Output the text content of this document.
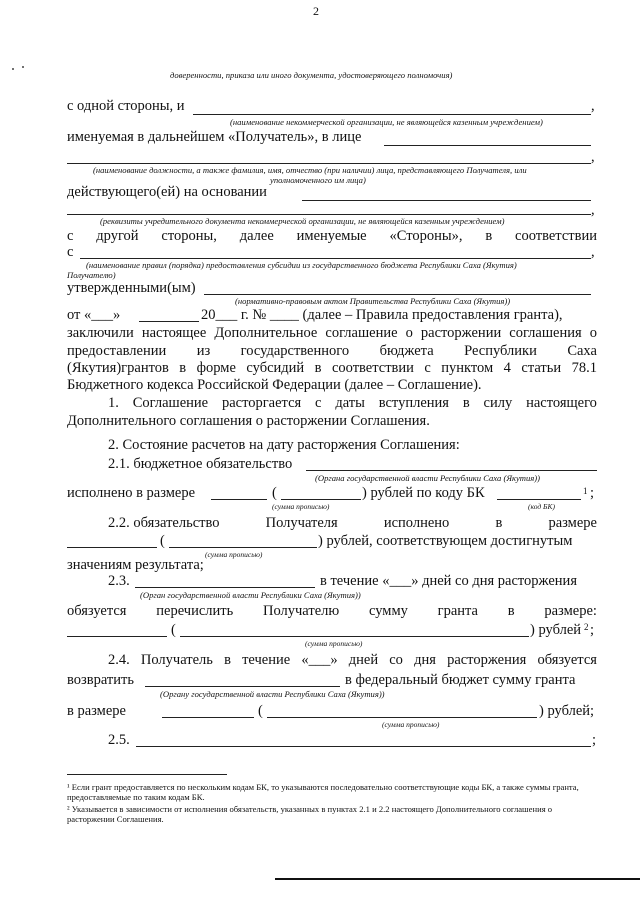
2
доверенности, приказа или иного документа, удостоверяющего полномочия)
с одной стороны, и	,
(наименование некоммерческой организации, не являющейся казенным учреждением)
именуемая в дальнейшем «Получатель», в лице
,
(наименование должности, а также фамилия, имя, отчество (при наличии) лица, представляющего Получателя, или
уполномоченного им лица)
действующего(ей) на основании
,
(реквизиты учредительного документа некоммерческой организации, не являющейся казенным учреждением)
с другой стороны, далее именуемые «Стороны», в соответствии
с	,
(наименование правил (порядка) предоставления субсидии из государственного бюджета Республики Саха (Якутия)
Получателю)
утвержденными(ым)
(нормативно-правовым актом Правительства Республики Саха (Якутия))
от «___»	20___ г. № ____ (далее – Правила предоставления гранта),
заключили настоящее Дополнительное соглашение о расторжении соглашения о
предоставлении из государственного бюджета Республики Саха
(Якутия)грантов в форме субсидий в соответствии с пунктом 4 статьи 78.1
Бюджетного кодекса Российской Федерации (далее – Соглашение).
1. Соглашение расторгается с даты вступления в силу настоящего
Дополнительного соглашения о расторжении Соглашения.
2. Состояние расчетов на дату расторжения Соглашения:
2.1. бюджетное обязательство
(Органа государственной власти Республики Саха (Якутия))
исполнено в размере	(	) рублей по коду БК	1 ;
(сумма прописью)	(код БК)
2.2. обязательство	Получателя	исполнено	в	размере
(	) рублей, соответствующем достигнутым
(сумма прописью)
значениям результата;
2.3.	в течение «___» дней со дня расторжения
(Орган государственной власти Республики Саха (Якутия))
обязуется перечислить Получателю сумму гранта в размере:
(	) рублей 2 ;
(сумма прописью)
2.4. Получатель в течение «___» дней со дня расторжения обязуется
возвратить	в федеральный бюджет сумму гранта
(Органу государственной власти Республики Саха (Якутия))
в размере	(	) рублей;
(сумма прописью)
2.5.	;
¹ Если грант предоставляется по нескольким кодам БК, то указываются последовательно соответствующие коды БК, а также суммы гранта, предоставляемые по таким кодам БК.
² Указывается в зависимости от исполнения обязательств, указанных в пунктах 2.1 и 2.2 настоящего Дополнительного соглашения о расторжении Соглашения.
